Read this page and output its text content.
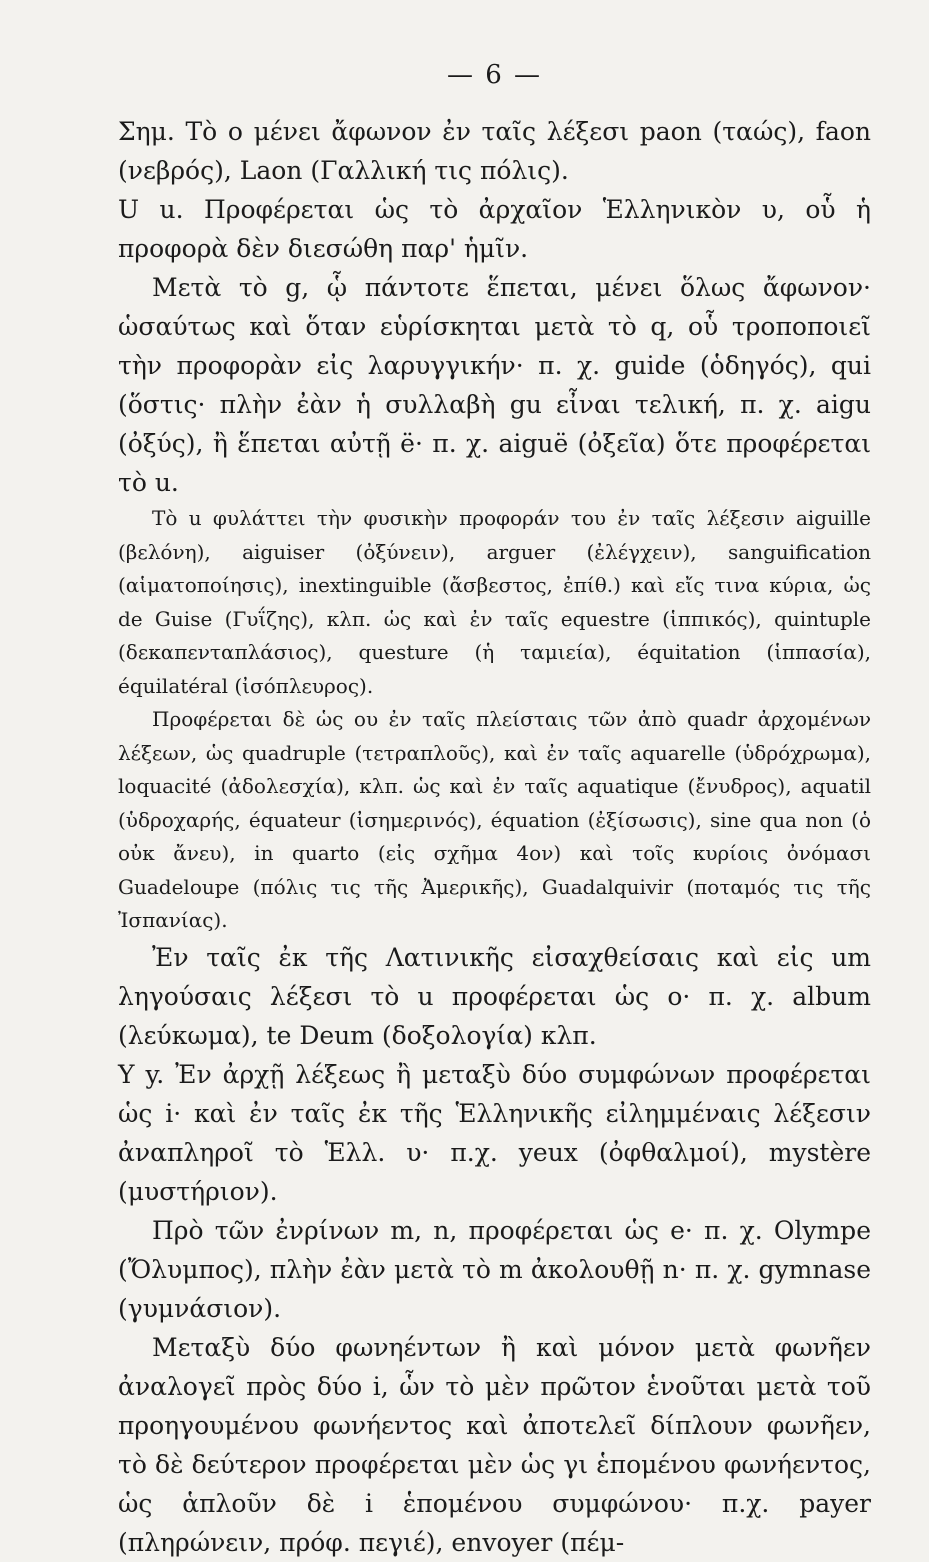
— 6 —

Σημ. Τὸ o μένει ἄφωνον ἐν ταῖς λέξεσι paon (ταώς), faon (νεβρός), Laon (Γαλλική τις πόλις).

U u. Προφέρεται ὡς τὸ ἀρχαῖον Ἑλληνικὸν υ, οὗ ἡ προφορὰ δὲν διεσώθη παρ' ἡμῖν.

Μετὰ τὸ g, ᾧ πάντοτε ἕπεται, μένει ὅλως ἄφωνον· ὡσαύτως καὶ ὅταν εὑρίσκηται μετὰ τὸ q, οὗ τροποποιεῖ τὴν προφορὰν εἰς λαρυγγικήν· π. χ. guide (ὁδηγός), qui (ὅστις· πλὴν ἐὰν ἡ συλλαβὴ gu εἶναι τελική, π. χ. aigu (ὀξύς), ἢ ἕπεται αὐτῇ ë· π. χ. aiguë (ὀξεῖα) ὅτε προφέρεται τὸ u.

Τὸ u φυλάττει τὴν φυσικὴν προφοράν του ἐν ταῖς λέξεσιν aiguille (βελόνη), aiguiser (ὀξύνειν), arguer (ἐλέγχειν), sanguification (αἱματοποίησις), inextinguible (ἄσβεστος, ἐπίθ.) καὶ εἴς τινα κύρια, ὡς de Guise (Γυΐζης), κλπ. ὡς καὶ ἐν ταῖς equestre (ἱππικός), quintuple (δεκαπενταπλάσιος), questure (ἡ ταμιεία), équitation (ἱππασία), équilatéral (ἰσόπλευρος).

Προφέρεται δὲ ὡς ου ἐν ταῖς πλείσταις τῶν ἀπὸ quadr ἀρχομένων λέξεων, ὡς quadruple (τετραπλοῦς), καὶ ἐν ταῖς aquarelle (ὑδρόχρωμα), loquacité (ἀδολεσχία), κλπ. ὡς καὶ ἐν ταῖς aquatique (ἔνυδρος), aquatil (ὑδροχαρής, équateur (ἰσημερινός), équation (ἐξίσωσις), sine qua non (ὁ οὐκ ἄνευ), in quarto (εἰς σχῆμα 4ον) καὶ τοῖς κυρίοις ὀνόμασι Guadeloupe (πόλις τις τῆς Ἀμερικῆς), Guadalquivir (ποταμός τις τῆς Ἰσπανίας).

Ἐν ταῖς ἐκ τῆς Λατινικῆς εἰσαχθείσαις καὶ εἰς um ληγούσαις λέξεσι τὸ u προφέρεται ὡς ο· π. χ. album (λεύκωμα), te Deum (δοξολογία) κλπ.

Y y. Ἐν ἀρχῇ λέξεως ἢ μεταξὺ δύο συμφώνων προφέρεται ὡς i· καὶ ἐν ταῖς ἐκ τῆς Ἑλληνικῆς εἰλημμέναις λέξεσιν ἀναπληροῖ τὸ Ἑλλ. υ· π.χ. yeux (ὀφθαλμοί), mystère (μυστήριον).

Πρὸ τῶν ἐνρίνων m, n, προφέρεται ὡς e· π. χ. Olympe (Ὄλυμπος), πλὴν ἐὰν μετὰ τὸ m ἀκολουθῇ n· π. χ. gymnase (γυμνάσιον).

Μεταξὺ δύο φωνηέντων ἢ καὶ μόνον μετὰ φωνῆεν ἀναλογεῖ πρὸς δύο i, ὧν τὸ μὲν πρῶτον ἑνοῦται μετὰ τοῦ προηγουμένου φωνήεντος καὶ ἀποτελεῖ δίπλουν φωνῆεν, τὸ δὲ δεύτερον προφέρεται μὲν ὡς γι ἑπομένου φωνήεντος, ὡς ἁπλοῦν δὲ i ἑπομένου συμφώνου· π.χ. payer (πληρώνειν, πρόφ. πεγιέ), envoyer (πέμ-
